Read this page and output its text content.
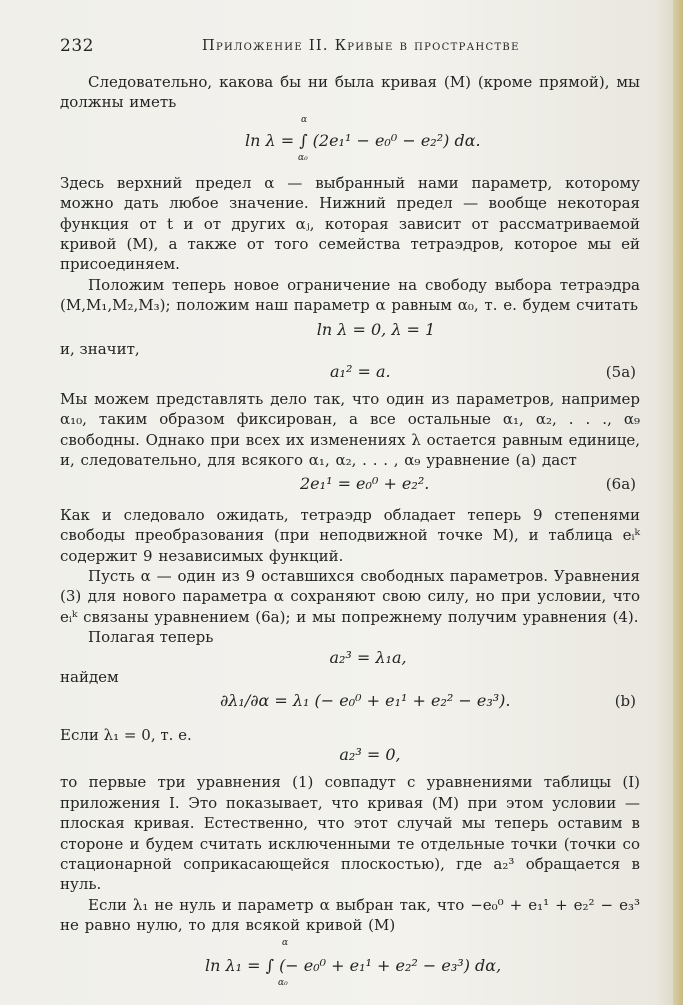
232	Приложение II. Кривые в пространстве

Следовательно, какова бы ни была кривая (M) (кроме прямой), мы должны иметь

α
ln λ = ∫ (2e₁¹ − e₀⁰ − e₂²) dα.
α₀

Здесь верхний предел α — выбранный нами параметр, которому можно дать любое значение. Нижний предел — вообще некоторая функция от t и от других αⱼ, которая зависит от рассматриваемой кривой (M), а также от того семейства тетраэдров, которое мы ей присоединяем.

Положим теперь новое ограничение на свободу выбора тетраэдра (M,M₁,M₂,M₃); положим наш параметр α равным α₀, т. е. будем считать

ln λ = 0, λ = 1

и, значит,

a₁² = a.	(5a)

Мы можем представлять дело так, что один из параметров, например α₁₀, таким образом фиксирован, а все остальные α₁, α₂, . . ., α₉ свободны. Однако при всех их изменениях λ остается равным единице, и, следовательно, для всякого α₁, α₂, . . . , α₉ уравнение (a) даст

2e₁¹ = e₀⁰ + e₂².	(6a)

Как и следовало ожидать, тетраэдр обладает теперь 9 степенями свободы преобразования (при неподвижной точке M), и таблица eᵢᵏ содержит 9 независимых функций.

Пусть α — один из 9 оставшихся свободных параметров. Уравнения (3) для нового параметра α сохраняют свою силу, но при условии, что eᵢᵏ связаны уравнением (6a); и мы попрежнему получим уравнения (4).

Полагая теперь

a₂³ = λ₁a,

найдем

∂λ₁/∂α = λ₁ (− e₀⁰ + e₁¹ + e₂² − e₃³).	(b)

Если λ₁ = 0, т. е.

a₂³ = 0,

то первые три уравнения (1) совпадут с уравнениями таблицы (I) приложения I. Это показывает, что кривая (M) при этом условии — плоская кривая. Естественно, что этот случай мы теперь оставим в стороне и будем считать исключенными те отдельные точки (точки со стационарной соприкасающейся плоскостью), где a₂³ обращается в нуль.

Если λ₁ не нуль и параметр α выбран так, что −e₀⁰ + e₁¹ + e₂² − e₃³ не равно нулю, то для всякой кривой (M)

α
ln λ₁ = ∫ (− e₀⁰ + e₁¹ + e₂² − e₃³) dα,
α₀
